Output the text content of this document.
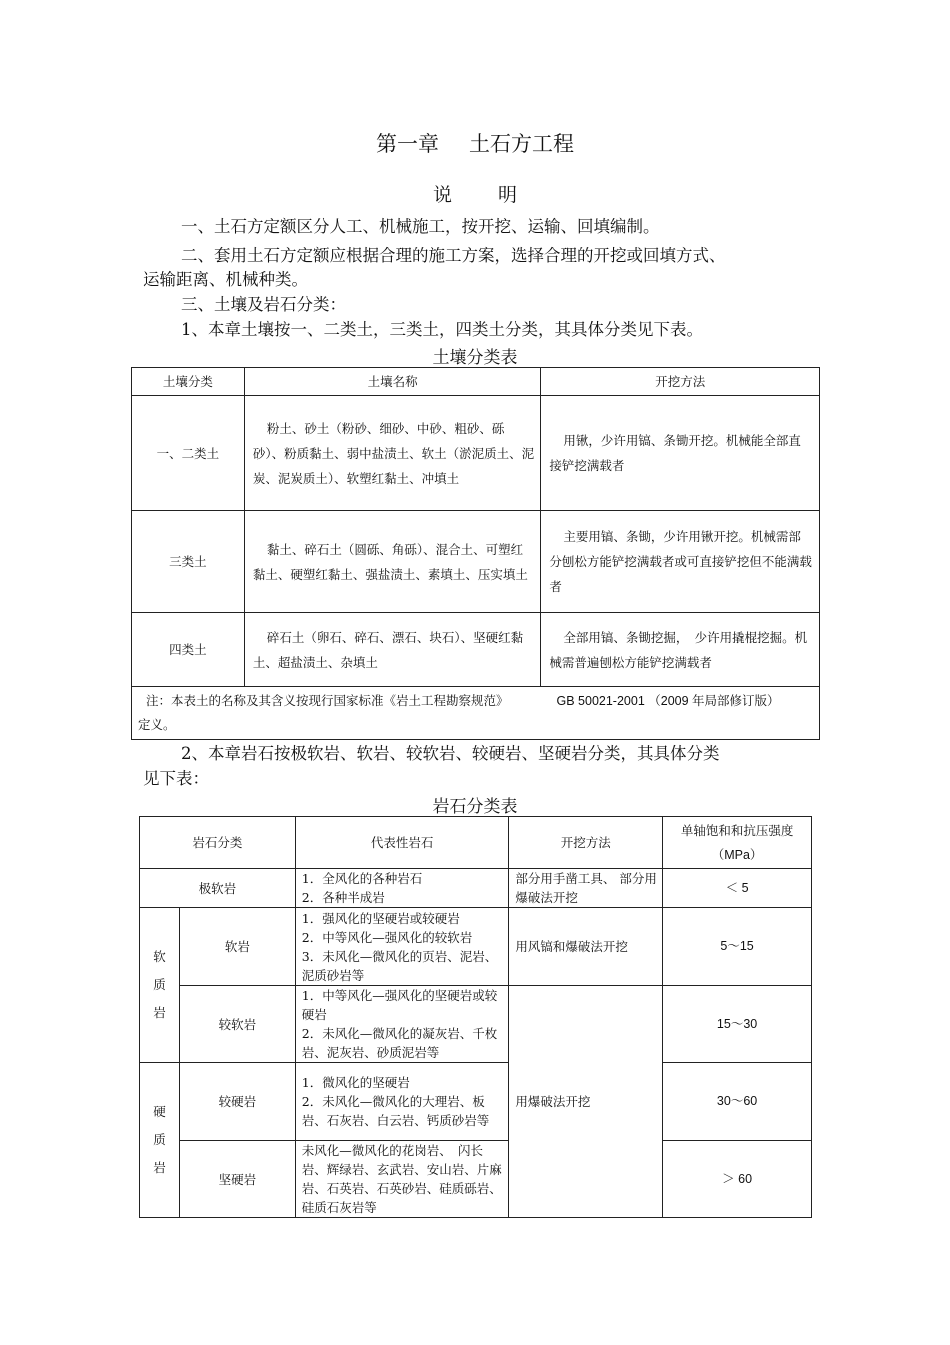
第一章 土石方工程
说 明
一、土石方定额区分人工、机械施工，按开挖、运输、回填编制。
二、套用土石方定额应根据合理的施工方案，选择合理的开挖或回填方式、
运输距离、机械种类。
三、土壤及岩石分类：
1、本章土壤按一、二类土，三类土，四类土分类，其具体分类见下表。
土壤分类表
土壤分类	土壤名称	开挖方法
一、二类土	粉土、砂土（粉砂、细砂、中砂、粗砂、砾砂）、粉质黏土、弱中盐渍土、软土（淤泥质土、泥炭、泥炭质土）、软塑红黏土、冲填土	用锹，少许用镐、条锄开挖。机械能全部直接铲挖满载者
三类土	黏土、碎石土（圆砾、角砾）、混合土、可塑红黏土、硬塑红黏土、强盐渍土、素填土、压实填土	主要用镐、条锄，少许用锹开挖。机械需部分刨松方能铲挖满载者或可直接铲挖但不能满载者
四类土	碎石土（卵石、碎石、漂石、块石）、坚硬红黏土、超盐渍土、杂填土	全部用镐、条锄挖掘，　少许用撬棍挖掘。机械需普遍刨松方能铲挖满载者
注：本表土的名称及其含义按现行国家标准《岩土工程勘察规范》 GB 50021-2001 （2009 年局部修订版）
定义。		
2、本章岩石按极软岩、软岩、较软岩、较硬岩、坚硬岩分类，其具体分类
见下表：
岩石分类表
岩石分类		代表性岩石	开挖方法	单轴饱和和抗压强度
（MPa）

极软岩		1．全风化的各种岩石
2．各种半成岩	部分用手凿工具、 部分用爆破法开挖	＜ 5
软质岩	软岩	1．强风化的坚硬岩或较硬岩
2．中等风化—强风化的较软岩
3．未风化—微风化的页岩、泥岩、泥质砂岩等	用风镐和爆破法开挖	5～15
	较软岩	1．中等风化—强风化的坚硬岩或较硬岩
2．未风化—微风化的凝灰岩、千枚岩、泥灰岩、砂质泥岩等	用爆破法开挖	15～30
硬质岩	较硬岩	1．微风化的坚硬岩
2．未风化—微风化的大理岩、板岩、石灰岩、白云岩、钙质砂岩等		30～60
	坚硬岩	未风化—微风化的花岗岩、　闪长岩、辉绿岩、玄武岩、安山岩、片麻岩、石英岩、石英砂岩、硅质砾岩、硅质石灰岩等		＞ 60
